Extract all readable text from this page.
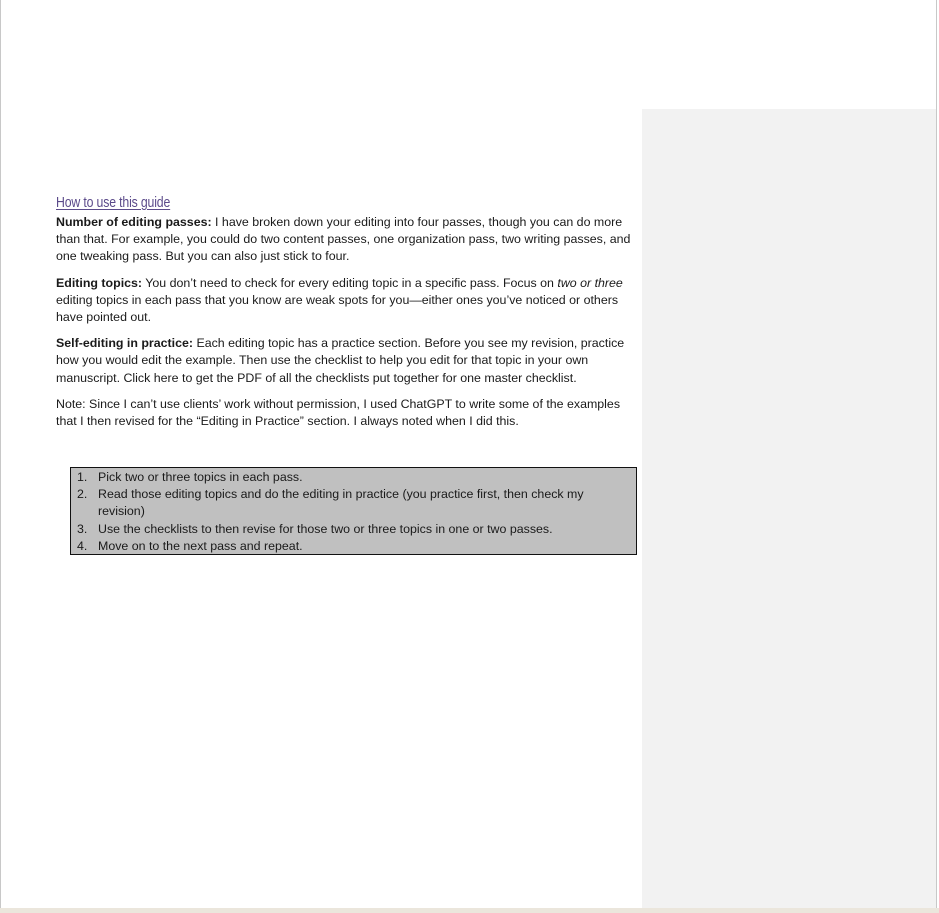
How to use this guide

Number of editing passes: I have broken down your editing into four passes, though you can do more than that. For example, you could do two content passes, one organization pass, two writing passes, and one tweaking pass. But you can also just stick to four.

Editing topics: You don’t need to check for every editing topic in a specific pass. Focus on two or three editing topics in each pass that you know are weak spots for you—either ones you’ve noticed or others have pointed out.

Self-editing in practice: Each editing topic has a practice section. Before you see my revision, practice how you would edit the example. Then use the checklist to help you edit for that topic in your own manuscript. Click here to get the PDF of all the checklists put together for one master checklist.

Note: Since I can’t use clients’ work without permission, I used ChatGPT to write some of the examples that I then revised for the “Editing in Practice” section. I always noted when I did this.

1. Pick two or three topics in each pass.
2. Read those editing topics and do the editing in practice (you practice first, then check my revision)
3. Use the checklists to then revise for those two or three topics in one or two passes.
4. Move on to the next pass and repeat.
